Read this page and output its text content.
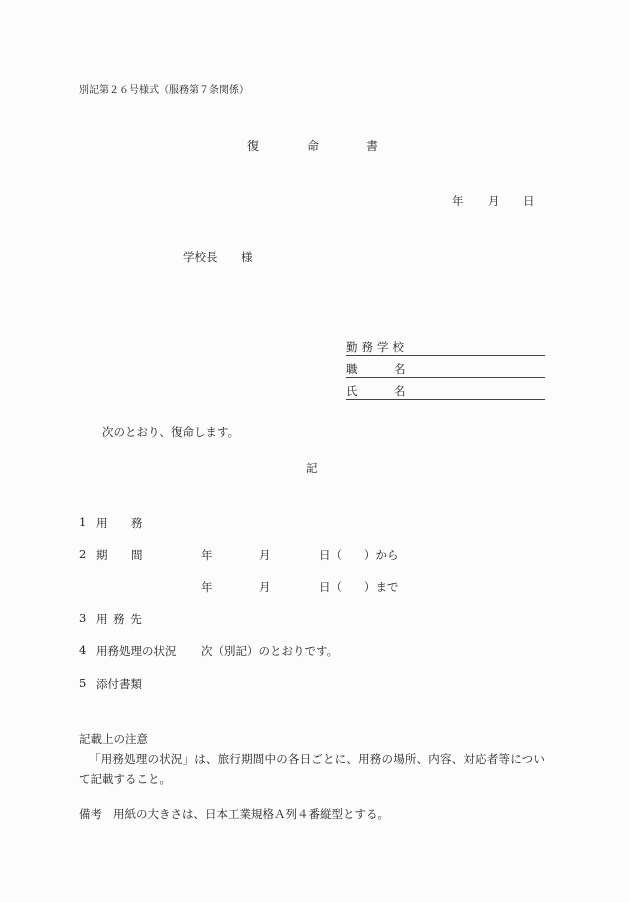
別記第２６号様式（服務第７条関係）
復	命	書
年 月 日
学校長 様
勤務学校
職	名
氏	名
次のとおり、復命します。
記
1 用 務
2 期 間	年	月	日（ ）から
年	月	日（ ）まで
3 用 務 先
4 用務処理の状況 次（別記）のとおりです。
5 添付書類
記載上の注意
「用務処理の状況」は、旅行期間中の各日ごとに、用務の場所、内容、対応者等につい
て記載すること。
備考 用紙の大きさは、日本工業規格Ａ列４番縦型とする。
